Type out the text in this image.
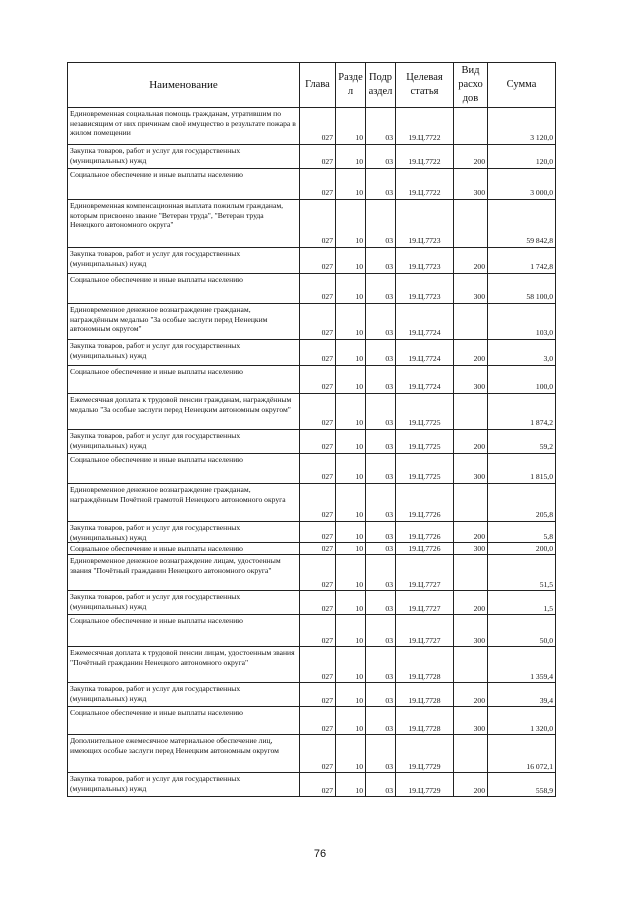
Наименование	Глава	Разде л	Подр аздел	Целевая статья	Вид расхо дов	Сумма
Единовременная социальная помощь гражданам, утратившим по независящим от них причинам своё имущество в результате пожара в жилом помещении	027	10	03	19.Ц.7722		3 120,0
Закупка товаров, работ и услуг для государственных (муниципальных) нужд	027	10	03	19.Ц.7722	200	120,0
Социальное обеспечение и иные выплаты населению	027	10	03	19.Ц.7722	300	3 000,0
Единовременная компенсационная выплата пожилым гражданам, которым присвоено звание "Ветеран труда", "Ветеран труда Ненецкого автономного округа"	027	10	03	19.Ц.7723		59 842,8
Закупка товаров, работ и услуг для государственных (муниципальных) нужд	027	10	03	19.Ц.7723	200	1 742,8
Социальное обеспечение и иные выплаты населению	027	10	03	19.Ц.7723	300	58 100,0
Единовременное денежное вознаграждение гражданам, награждённым медалью "За особые заслуги перед Ненецким автономным округом"	027	10	03	19.Ц.7724		103,0
Закупка товаров, работ и услуг для государственных (муниципальных) нужд	027	10	03	19.Ц.7724	200	3,0
Социальное обеспечение и иные выплаты населению	027	10	03	19.Ц.7724	300	100,0
Ежемесячная доплата к трудовой пенсии гражданам, награждённым медалью "За особые заслуги перед Ненецким автономным округом"	027	10	03	19.Ц.7725		1 874,2
Закупка товаров, работ и услуг для государственных (муниципальных) нужд	027	10	03	19.Ц.7725	200	59,2
Социальное обеспечение и иные выплаты населению	027	10	03	19.Ц.7725	300	1 815,0
Единовременное денежное вознаграждение гражданам, награждённым Почётной грамотой Ненецкого автономного округа	027	10	03	19.Ц.7726		205,8
Закупка товаров, работ и услуг для государственных (муниципальных) нужд	027	10	03	19.Ц.7726	200	5,8
Социальное обеспечение и иные выплаты населению	027	10	03	19.Ц.7726	300	200,0
Единовременное денежное вознаграждение лицам, удостоенным звания "Почётный гражданин Ненецкого автономного округа"	027	10	03	19.Ц.7727		51,5
Закупка товаров, работ и услуг для государственных (муниципальных) нужд	027	10	03	19.Ц.7727	200	1,5
Социальное обеспечение и иные выплаты населению	027	10	03	19.Ц.7727	300	50,0
Ежемесячная доплата к трудовой пенсии лицам, удостоенным звания "Почётный гражданин Ненецкого автономного округа"	027	10	03	19.Ц.7728		1 359,4
Закупка товаров, работ и услуг для государственных (муниципальных) нужд	027	10	03	19.Ц.7728	200	39,4
Социальное обеспечение и иные выплаты населению	027	10	03	19.Ц.7728	300	1 320,0
Дополнительное ежемесячное материальное обеспечение лиц, имеющих особые заслуги перед Ненецким автономным округом	027	10	03	19.Ц.7729		16 072,1
Закупка товаров, работ и услуг для государственных (муниципальных) нужд	027	10	03	19.Ц.7729	200	558,9
76
